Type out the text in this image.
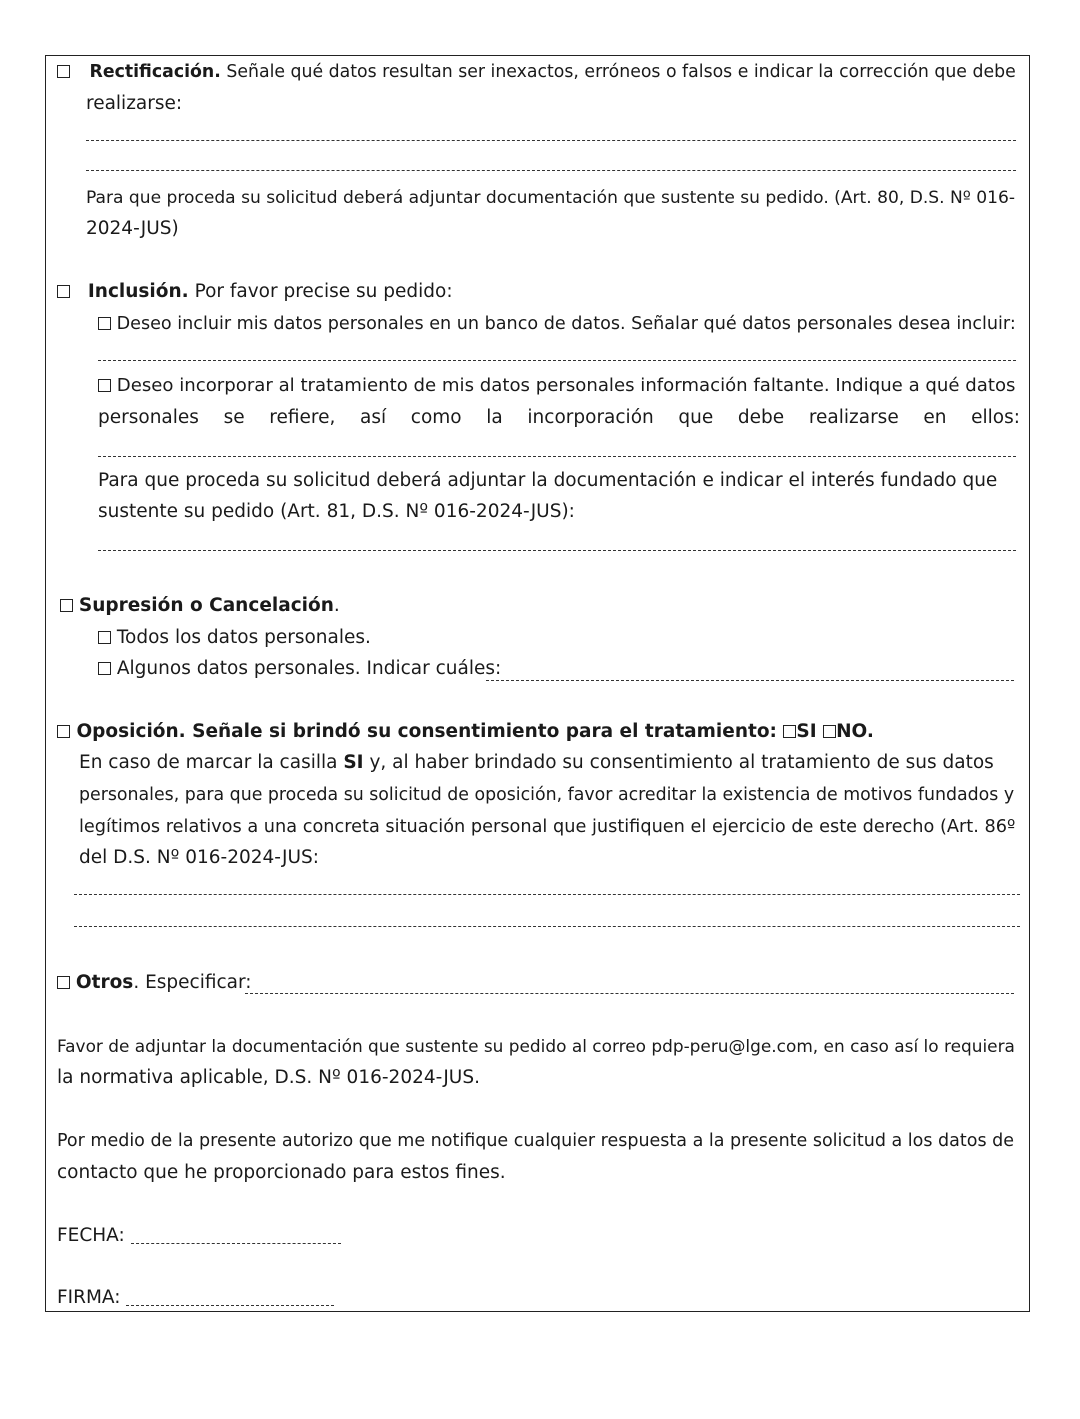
Rectificación. Señale qué datos resultan ser inexactos, erróneos o falsos e indicar la corrección que debe
realizarse:
Para que proceda su solicitud deberá adjuntar documentación que sustente su pedido. (Art. 80, D.S. Nº 016-
2024-JUS)
Inclusión. Por favor precise su pedido:
Deseo incluir mis datos personales en un banco de datos. Señalar qué datos personales desea incluir:
Deseo incorporar al tratamiento de mis datos personales información faltante. Indique a qué datos
personales se refiere, así como la incorporación que debe realizarse en ellos:
Para que proceda su solicitud deberá adjuntar la documentación e indicar el interés fundado que
sustente su pedido (Art. 81, D.S. Nº 016-2024-JUS):
Supresión o Cancelación.
Todos los datos personales.
Algunos datos personales. Indicar cuáles:
Oposición. Señale si brindó su consentimiento para el tratamiento: SI NO.
En caso de marcar la casilla SI y, al haber brindado su consentimiento al tratamiento de sus datos
personales, para que proceda su solicitud de oposición, favor acreditar la existencia de motivos fundados y
legítimos relativos a una concreta situación personal que justifiquen el ejercicio de este derecho (Art. 86º
del D.S. Nº 016-2024-JUS:
Otros. Especificar:
Favor de adjuntar la documentación que sustente su pedido al correo pdp-peru@lge.com, en caso así lo requiera
la normativa aplicable, D.S. Nº 016-2024-JUS.
Por medio de la presente autorizo que me notifique cualquier respuesta a la presente solicitud a los datos de
contacto que he proporcionado para estos fines.
FECHA:
FIRMA:
